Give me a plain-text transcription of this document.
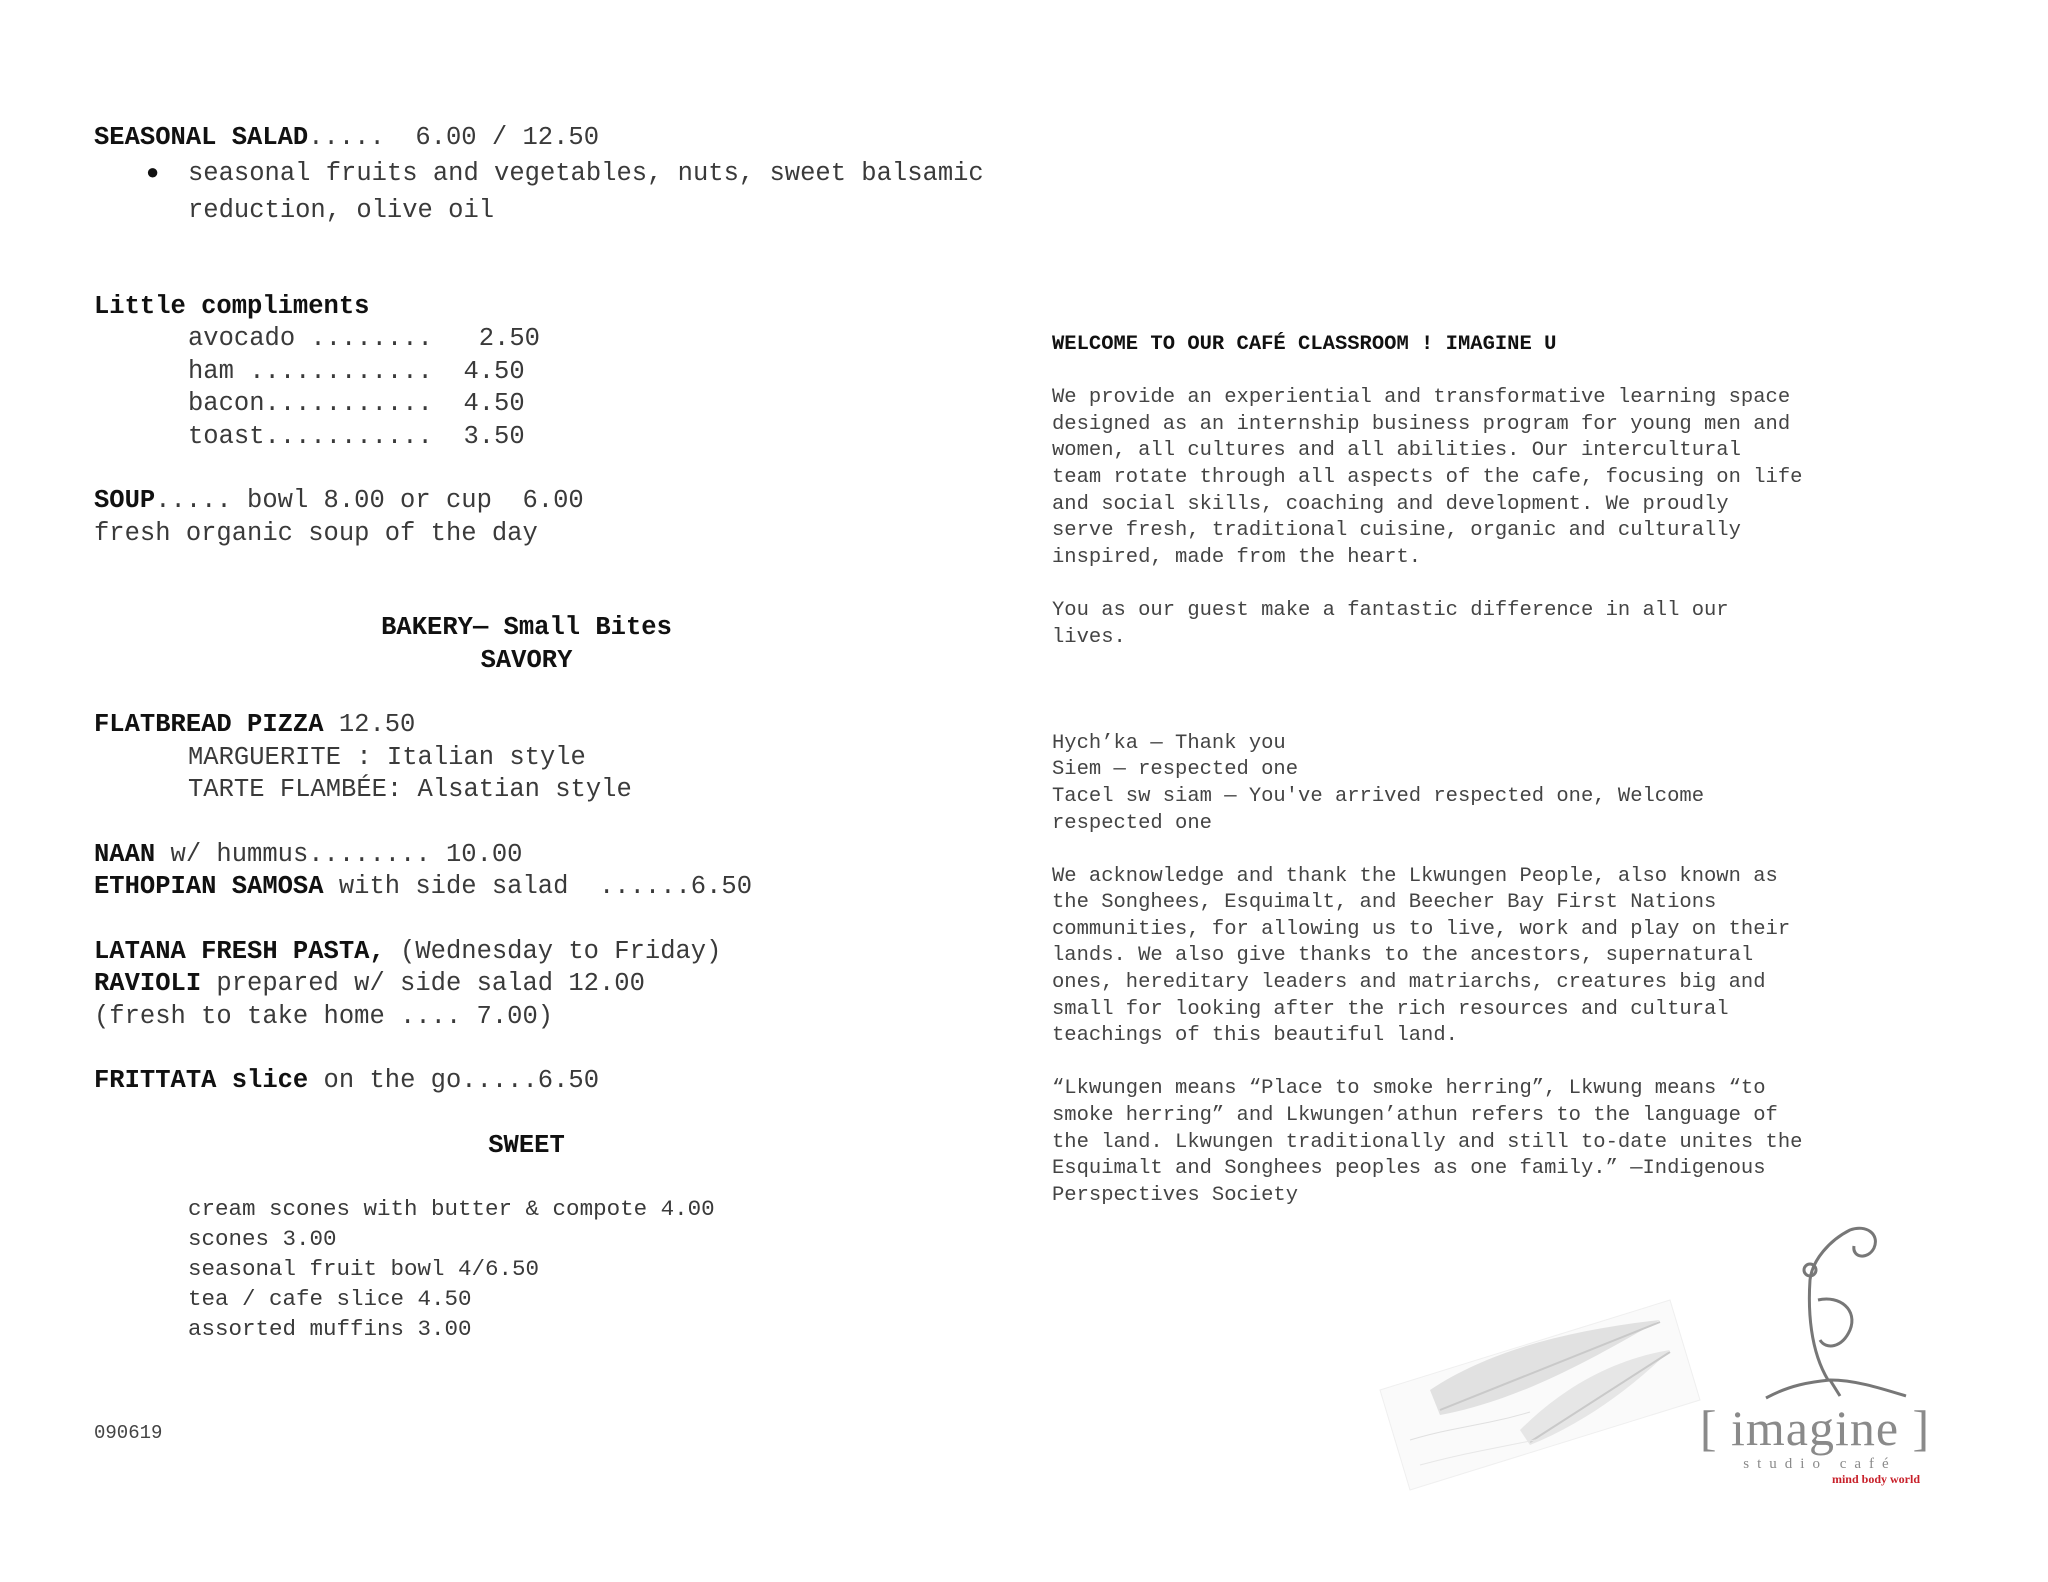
SEASONAL SALAD.....  6.00 / 12.50
● seasonal fruits and vegetables, nuts, sweet balsamic reduction, olive oil
Little compliments
avocado ........   2.50
ham ............  4.50
bacon...........  4.50
toast...........  3.50
SOUP..... bowl 8.00 or cup  6.00
fresh organic soup of the day
BAKERY— Small Bites
SAVORY
FLATBREAD PIZZA 12.50
MARGUERITE : Italian style
TARTE FLAMBÉE: Alsatian style
NAAN w/ hummus........ 10.00
ETHOPIAN SAMOSA with side salad  ......6.50
LATANA FRESH PASTA, (Wednesday to Friday)
RAVIOLI prepared w/ side salad 12.00
(fresh to take home .... 7.00)
FRITTATA slice on the go.....6.50
SWEET
cream scones with butter & compote 4.00
scones 3.00
seasonal fruit bowl 4/6.50
tea / cafe slice 4.50
assorted muffins 3.00
090619
WELCOME TO OUR CAFÉ CLASSROOM ! IMAGINE U
We provide an experiential and transformative learning space
designed as an internship business program for young men and
women, all cultures and all abilities. Our intercultural
team rotate through all aspects of the cafe, focusing on life
and social skills, coaching and development. We proudly
serve fresh, traditional cuisine, organic and culturally
inspired, made from the heart.
You as our guest make a fantastic difference in all our
lives.
Hych’ka — Thank you
Siem — respected one
Tacel sw siam — You've arrived respected one, Welcome
respected one
We acknowledge and thank the Lkwungen People, also known as
the Songhees, Esquimalt, and Beecher Bay First Nations
communities, for allowing us to live, work and play on their
lands. We also give thanks to the ancestors, supernatural
ones, hereditary leaders and matriarchs, creatures big and
small for looking after the rich resources and cultural
teachings of this beautiful land.
“Lkwungen means “Place to smoke herring”, Lkwung means “to
smoke herring” and Lkwungen’athun refers to the language of
the land. Lkwungen traditionally and still to-date unites the
Esquimalt and Songhees peoples as one family.” —Indigenous
Perspectives Society
[ imagine ]
studio café
mind body world
